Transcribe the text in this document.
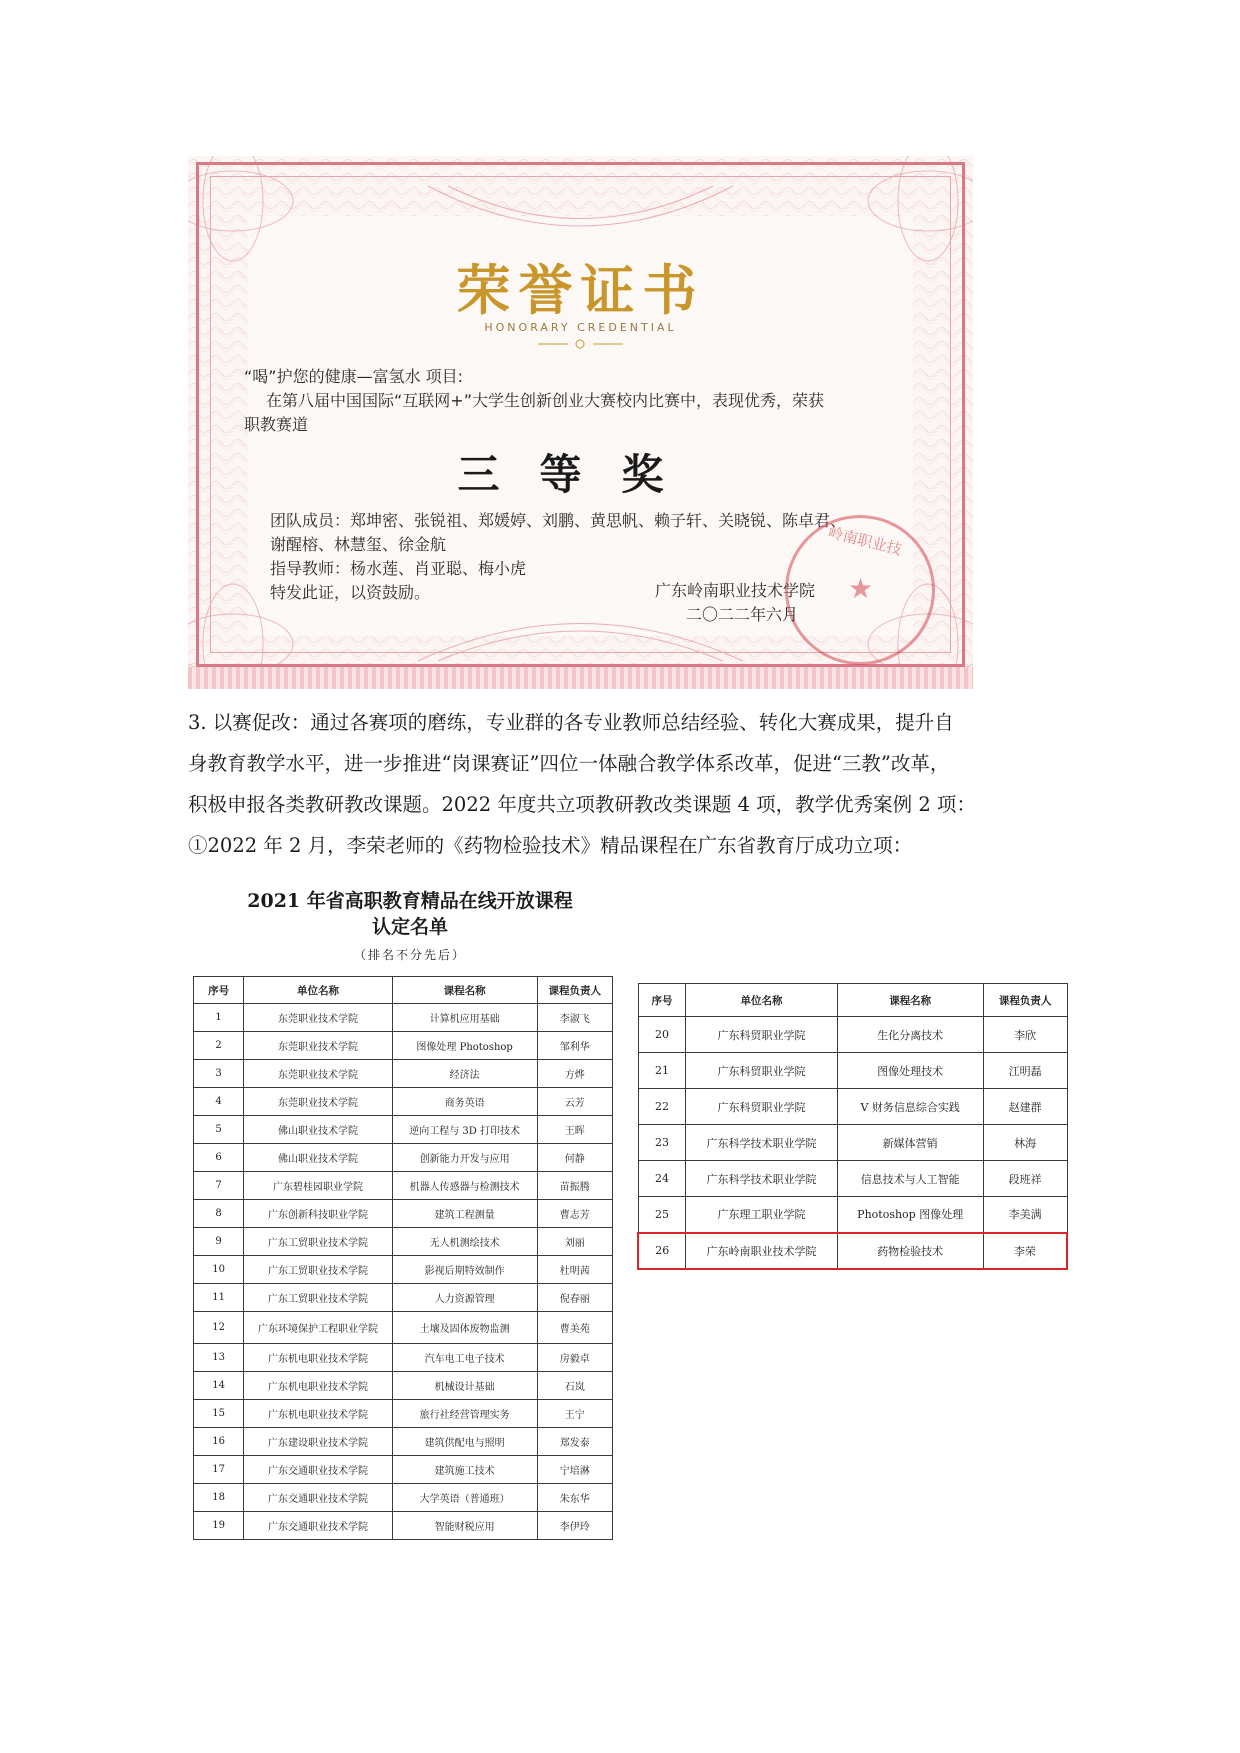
荣誉证书
HONORARY CREDENTIAL
“喝”护您的健康—富氢水 项目:
在第八届中国国际“互联网+”大学生创新创业大赛校内比赛中，表现优秀，荣获
职教赛道
三等奖
团队成员：郑坤密、张锐祖、郑媛婷、刘鹏、黄思帆、赖子轩、关晓锐、陈卓君、
谢醒榕、林慧玺、徐金航
指导教师：杨水莲、肖亚聪、梅小虎
特发此证，以资鼓励。
岭南职业技
★
广东岭南职业技术学院
二〇二二年六月
3. 以赛促改：通过各赛项的磨练，专业群的各专业教师总结经验、转化大赛成果，提升自
身教育教学水平，进一步推进“岗课赛证”四位一体融合教学体系改革，促进“三教”改革，
积极申报各类教研教改课题。2022 年度共立项教研教改类课题 4 项，教学优秀案例 2 项：
①2022 年 2 月，李荣老师的《药物检验技术》精品课程在广东省教育厅成功立项：
2021 年省高职教育精品在线开放课程
认定名单
（排名不分先后）
序号	单位名称	课程名称	课程负责人
1	东莞职业技术学院	计算机应用基础	李淑飞
2	东莞职业技术学院	图像处理 Photoshop	邹利华
3	东莞职业技术学院	经济法	方烨
4	东莞职业技术学院	商务英语	云芳
5	佛山职业技术学院	逆向工程与 3D 打印技术	王晖
6	佛山职业技术学院	创新能力开发与应用	何静
7	广东碧桂园职业学院	机器人传感器与检测技术	苗振腾
8	广东创新科技职业学院	建筑工程测量	曹志芳
9	广东工贸职业技术学院	无人机测绘技术	刘丽
10	广东工贸职业技术学院	影视后期特效制作	杜明茜
11	广东工贸职业技术学院	人力资源管理	倪春丽
12	广东环境保护工程职业学院	土壤及固体废物监测	曹美苑
13	广东机电职业技术学院	汽车电工电子技术	房毅卓
14	广东机电职业技术学院	机械设计基础	石岚
15	广东机电职业技术学院	旅行社经营管理实务	王宁
16	广东建设职业技术学院	建筑供配电与照明	郑发泰
17	广东交通职业技术学院	建筑施工技术	宁培淋
18	广东交通职业技术学院	大学英语（普通班）	朱东华
19	广东交通职业技术学院	智能财税应用	李伊玲
序号	单位名称	课程名称	课程负责人
20	广东科贸职业学院	生化分离技术	李欣
21	广东科贸职业学院	图像处理技术	江明磊
22	广东科贸职业学院	V 财务信息综合实践	赵建群
23	广东科学技术职业学院	新媒体营销	林海
24	广东科学技术职业学院	信息技术与人工智能	段班祥
25	广东理工职业学院	Photoshop 图像处理	李美满
26	广东岭南职业技术学院	药物检验技术	李荣
